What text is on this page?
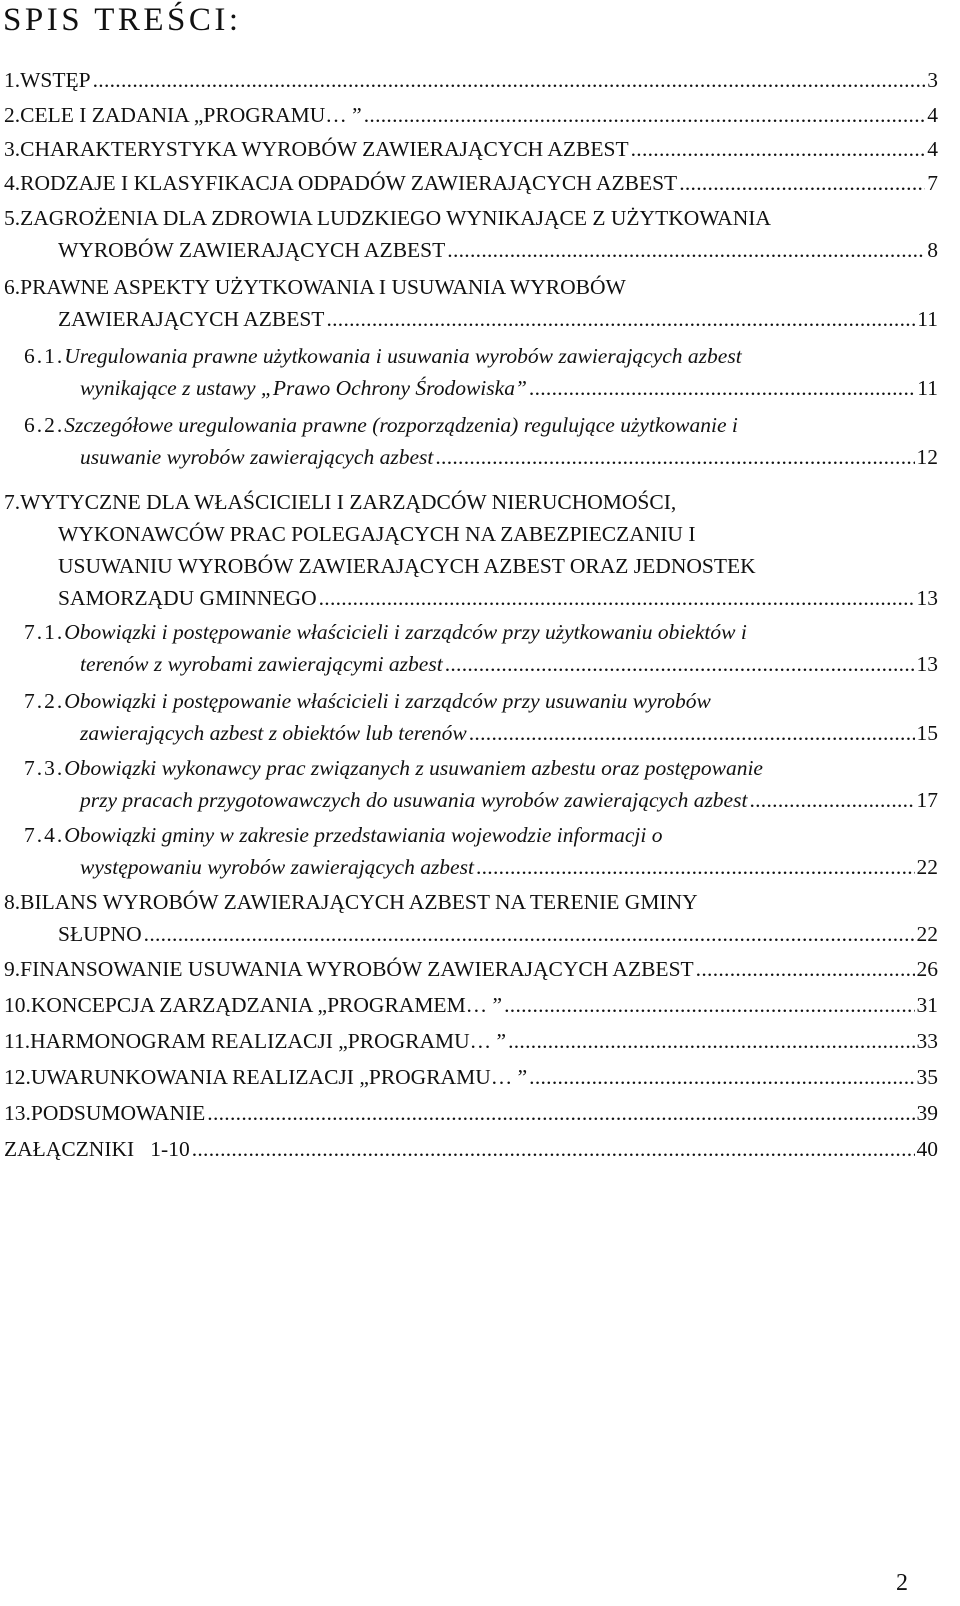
SPIS TREŚCI:
1. WSTĘP .....	3
2. CELE I ZADANIA „PROGRAMU… ” .....	4
3. CHARAKTERYSTYKA WYROBÓW ZAWIERAJĄCYCH AZBEST .....	4
4. RODZAJE I KLASYFIKACJA ODPADÓW ZAWIERAJĄCYCH AZBEST .....	7
5. ZAGROŻENIA DLA ZDROWIA LUDZKIEGO WYNIKAJĄCE Z UŻYTKOWANIA
WYROBÓW ZAWIERAJĄCYCH AZBEST .....	8
6. PRAWNE ASPEKTY UŻYTKOWANIA I USUWANIA WYROBÓW
ZAWIERAJĄCYCH AZBEST .....	11
6.1. Uregulowania prawne użytkowania i usuwania wyrobów zawierających azbest
wynikające z ustawy „Prawo Ochrony Środowiska” .....	11
6.2. Szczegółowe uregulowania prawne (rozporządzenia) regulujące użytkowanie i
usuwanie wyrobów zawierających azbest .....	12
7. WYTYCZNE DLA WŁAŚCICIELI I ZARZĄDCÓW NIERUCHOMOŚCI,
WYKONAWCÓW PRAC POLEGAJĄCYCH NA ZABEZPIECZANIU I
USUWANIU WYROBÓW ZAWIERAJĄCYCH AZBEST ORAZ JEDNOSTEK
SAMORZĄDU GMINNEGO .....	13
7.1. Obowiązki i postępowanie właścicieli i zarządców przy użytkowaniu obiektów i
terenów z wyrobami zawierającymi azbest .....	13
7.2. Obowiązki i postępowanie właścicieli i zarządców przy usuwaniu wyrobów
zawierających azbest z obiektów lub terenów .....	15
7.3. Obowiązki wykonawcy prac związanych z usuwaniem azbestu oraz postępowanie
przy pracach przygotowawczych do usuwania wyrobów zawierających azbest .....	17
7.4. Obowiązki gminy w zakresie przedstawiania wojewodzie informacji o
występowaniu wyrobów zawierających azbest .....	22
8. BILANS WYROBÓW ZAWIERAJĄCYCH AZBEST NA TERENIE GMINY
SŁUPNO .....	22
9. FINANSOWANIE USUWANIA WYROBÓW ZAWIERAJĄCYCH AZBEST .....	26
10. KONCEPCJA ZARZĄDZANIA „PROGRAMEM… ” .....	31
11. HARMONOGRAM REALIZACJI „PROGRAMU… ” .....	33
12. UWARUNKOWANIA REALIZACJI „PROGRAMU… ” .....	35
13. PODSUMOWANIE .....	39
ZAŁĄCZNIKI   1-10 .....	40
2
